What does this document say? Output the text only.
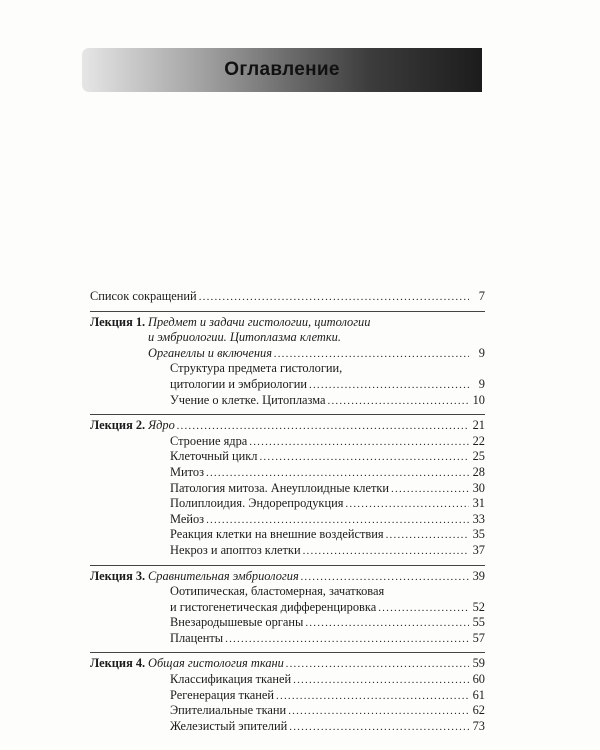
Оглавление
Список сокращений .....	7
Лекция 1. Предмет и задачи гистологии, цитологии
и эмбриологии. Цитоплазма клетки.
Органеллы и включения .....	9
Структура предмета гистологии,
цитологии и эмбриологии .....	9
Учение о клетке. Цитоплазма .....	10
Лекция 2. Ядро .....	21
Строение ядра .....	22
Клеточный цикл .....	25
Митоз .....	28
Патология митоза. Анеуплоидные клетки .....	30
Полиплоидия. Эндорепродукция .....	31
Мейоз .....	33
Реакция клетки на внешние воздействия .....	35
Некроз и апоптоз клетки .....	37
Лекция 3. Сравнительная эмбриология .....	39
Оотипическая, бластомерная, зачатковая
и гистогенетическая дифференцировка .....	52
Внезародышевые органы .....	55
Плаценты .....	57
Лекция 4. Общая гистология ткани .....	59
Классификация тканей .....	60
Регенерация тканей .....	61
Эпителиальные ткани .....	62
Железистый эпителий .....	73
